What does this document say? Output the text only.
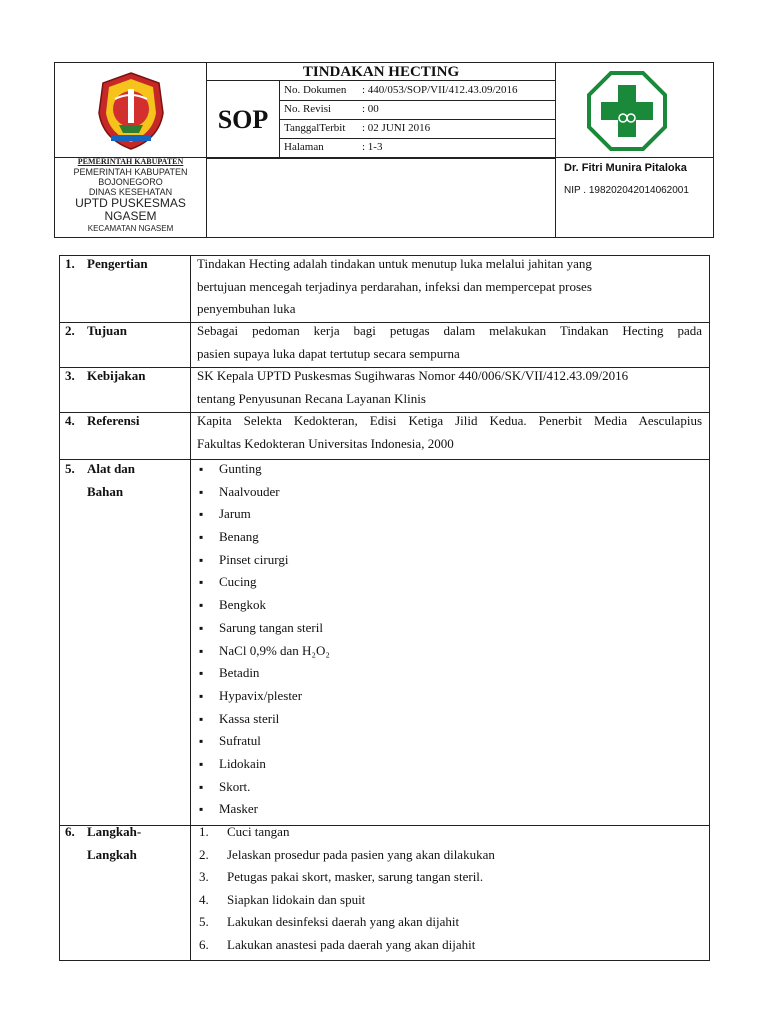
SOP
TINDAKAN HECTING
No. Dokumen : 440/053/SOP/VII/412.43.09/2016
No. Revisi	: 00
TanggalTerbit : 02 JUNI 2016
Halaman	: 1-3
PEMERINTAH KABUPATEN
PEMERINTAH KABUPATEN
BOJONEGORO
DINAS KESEHATAN
UPTD PUSKESMAS
NGASEM
KECAMATAN NGASEM
Dr. Fitri Munira Pitaloka
NIP . 198202042014062001
1. Pengertian	Tindakan Hecting adalah tindakan untuk menutup luka melalui jahitan yang
bertujuan mencegah terjadinya perdarahan, infeksi dan mempercepat proses
penyembuhan luka
2. Tujuan	Sebagai pedoman kerja bagi petugas dalam melakukan Tindakan Hecting pada
pasien supaya luka dapat tertutup secara sempurna
3. Kebijakan	SK Kepala UPTD Puskesmas Sugihwaras Nomor 440/006/SK/VII/412.43.09/2016
tentang Penyusunan Recana Layanan Klinis
4. Referensi	Kapita Selekta Kedokteran, Edisi Ketiga Jilid Kedua. Penerbit Media Aesculapius
Fakultas Kedokteran Universitas Indonesia, 2000
5. Alat dan
Bahan
▪ Gunting
▪ Naalvouder
▪ Jarum
▪ Benang
▪ Pinset cirurgi
▪ Cucing
▪ Bengkok
▪ Sarung tangan steril
▪ NaCl 0,9% dan H₂O₂
▪ Betadin
▪ Hypavix/plester
▪ Kassa steril
▪ Sufratul
▪ Lidokain
▪ Skort.
▪ Masker
6. Langkah-
Langkah
1. Cuci tangan
2. Jelaskan prosedur pada pasien yang akan dilakukan
3. Petugas pakai skort, masker, sarung tangan steril.
4. Siapkan lidokain dan spuit
5. Lakukan desinfeksi daerah yang akan dijahit
6. Lakukan anastesi pada daerah yang akan dijahit
